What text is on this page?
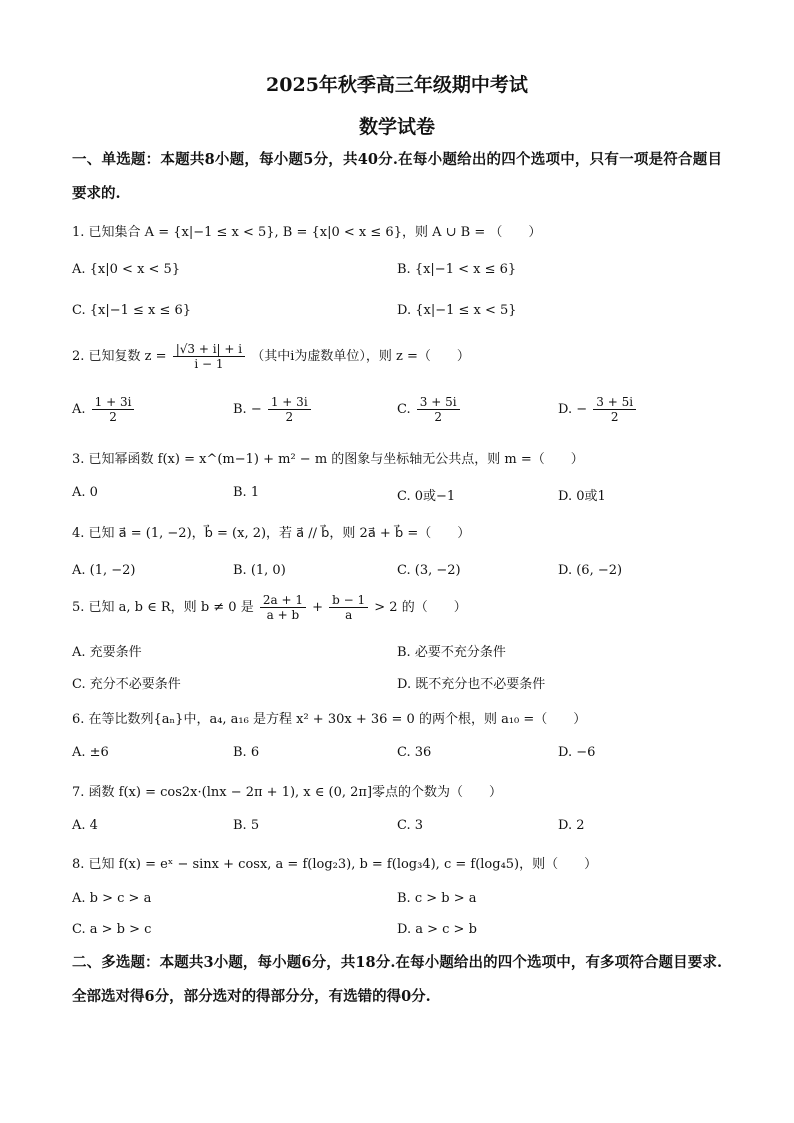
2025年秋季高三年级期中考试
数学试卷
一、单选题：本题共8小题，每小题5分，共40分.在每小题给出的四个选项中，只有一项是符合题目要求的.
1. 已知集合 A = {x|−1 ≤ x < 5}, B = {x|0 < x ≤ 6}，则 A ∪ B = （　　）
A. {x|0 < x < 5}	B. {x|−1 < x ≤ 6}
C. {x|−1 ≤ x ≤ 6}	D. {x|−1 ≤ x < 5}
2. 已知复数 $z = \frac{|√3 + i| + i}{i - 1}$ （其中i为虚数单位），则 z =（　　）
A. $\frac{1 + 3i}{2}$	B. − $\frac{1 + 3i}{2}$	C. $\frac{3 + 5i}{2}$	D. − $\frac{3 + 5i}{2}$
3. 已知幂函数 f(x) = x^(m−1) + m² − m 的图象与坐标轴无公共点，则 m =（　　）
A. 0	B. 1	C. 0或−1	D. 0或1
4. 已知 a⃗ = (1, −2)，b⃗ = (x, 2)，若 a⃗ // b⃗，则 2a⃗ + b⃗ =（　　）
A. (1, −2)	B. (1, 0)	C. (3, −2)	D. (6, −2)
5. 已知 a, b ∈ R，则 b ≠ 0 是 $\frac{2a + 1}{a + b} + \frac{b - 1}{a} > 2$ 的（　　）
A. 充要条件	B. 必要不充分条件
C. 充分不必要条件	D. 既不充分也不必要条件
6. 在等比数列{aₙ}中，a₄, a₁₆ 是方程 x² + 30x + 36 = 0 的两个根，则 a₁₀ =（　　）
A. ±6	B. 6	C. 36	D. −6
7. 函数 f(x) = cos2x·(lnx − 2π + 1), x ∈ (0, 2π]零点的个数为（　　）
A. 4	B. 5	C. 3	D. 2
8. 已知 f(x) = eˣ − sinx + cosx, a = f(log₂3), b = f(log₃4), c = f(log₄5)，则（　　）
A. b > c > a	B. c > b > a
C. a > b > c	D. a > c > b
二、多选题：本题共3小题，每小题6分，共18分.在每小题给出的四个选项中，有多项符合题目要求.全部选对得6分，部分选对的得部分分，有选错的得0分.
